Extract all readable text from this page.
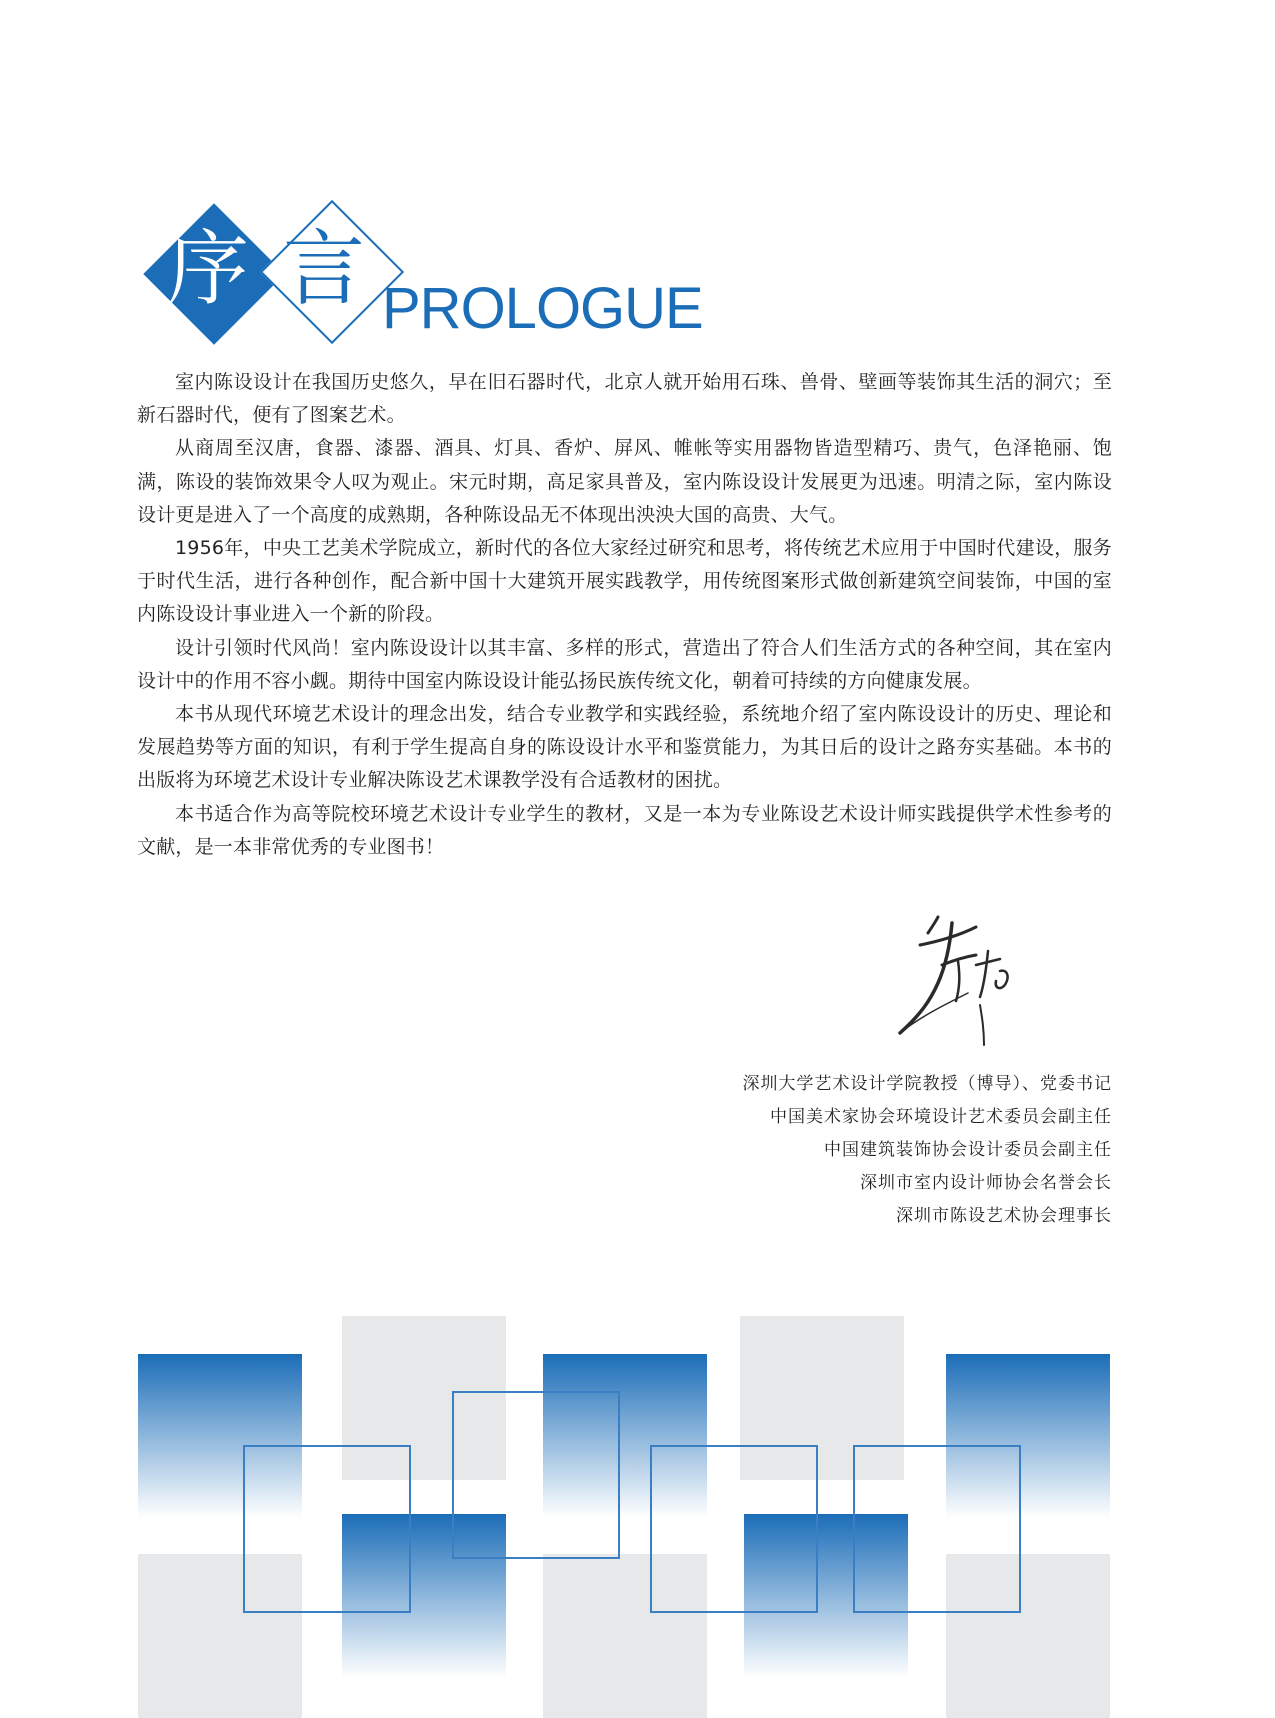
序 言 PROLOGUE

室内陈设设计在我国历史悠久，早在旧石器时代，北京人就开始用石珠、兽骨、壁画等装饰其生活的洞穴；至新石器时代，便有了图案艺术。

从商周至汉唐，食器、漆器、酒具、灯具、香炉、屏风、帷帐等实用器物皆造型精巧、贵气，色泽艳丽、饱满，陈设的装饰效果令人叹为观止。宋元时期，高足家具普及，室内陈设设计发展更为迅速。明清之际，室内陈设设计更是进入了一个高度的成熟期，各种陈设品无不体现出泱泱大国的高贵、大气。

1956年，中央工艺美术学院成立，新时代的各位大家经过研究和思考，将传统艺术应用于中国时代建设，服务于时代生活，进行各种创作，配合新中国十大建筑开展实践教学，用传统图案形式做创新建筑空间装饰，中国的室内陈设设计事业进入一个新的阶段。

设计引领时代风尚！室内陈设设计以其丰富、多样的形式，营造出了符合人们生活方式的各种空间，其在室内设计中的作用不容小觑。期待中国室内陈设设计能弘扬民族传统文化，朝着可持续的方向健康发展。

本书从现代环境艺术设计的理念出发，结合专业教学和实践经验，系统地介绍了室内陈设设计的历史、理论和发展趋势等方面的知识，有利于学生提高自身的陈设设计水平和鉴赏能力，为其日后的设计之路夯实基础。本书的出版将为环境艺术设计专业解决陈设艺术课教学没有合适教材的困扰。

本书适合作为高等院校环境艺术设计专业学生的教材，又是一本为专业陈设艺术设计师实践提供学术性参考的文献，是一本非常优秀的专业图书！

深圳大学艺术设计学院教授（博导）、党委书记
中国美术家协会环境设计艺术委员会副主任
中国建筑装饰协会设计委员会副主任
深圳市室内设计师协会名誉会长
深圳市陈设艺术协会理事长
